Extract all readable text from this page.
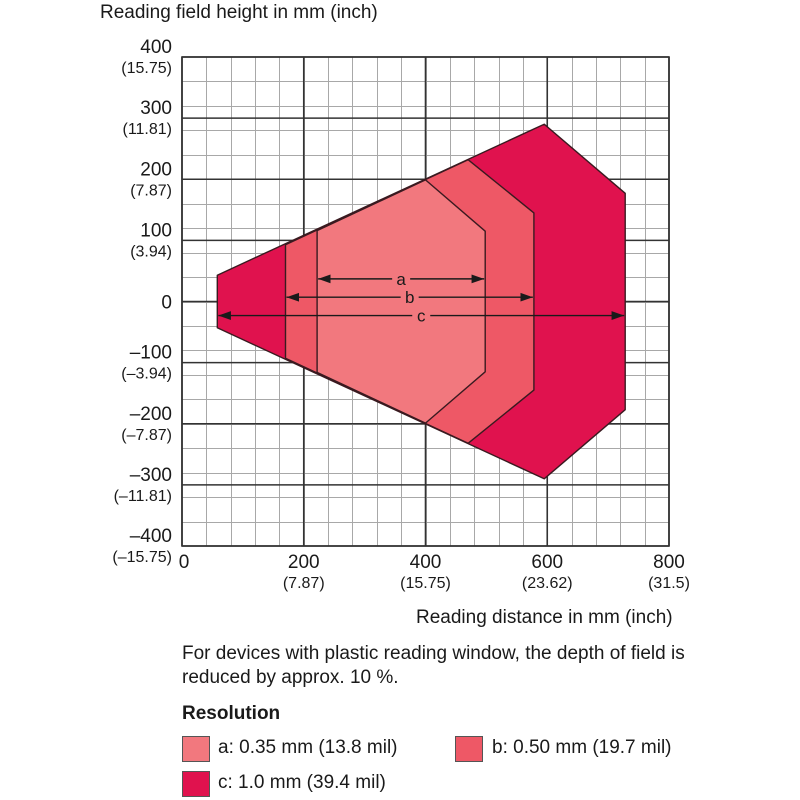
a
b
c
400
(15.75)
300
(11.81)
200
(7.87)
100
(3.94)
0
–100
(–3.94)
–200
(–7.87)
–300
(–11.81)
–400
(–15.75) 0	200
(7.87)
400
(15.75)
600
(23.62)
800
(31.5)
Reading field height in mm (inch)
Reading distance in mm (inch)
For devices with plastic reading window, the depth of field is reduced by approx. 10 %.
Resolution
a: 0.35 mm (13.8 mil)	b: 0.50 mm (19.7 mil)
c: 1.0 mm (39.4 mil)
